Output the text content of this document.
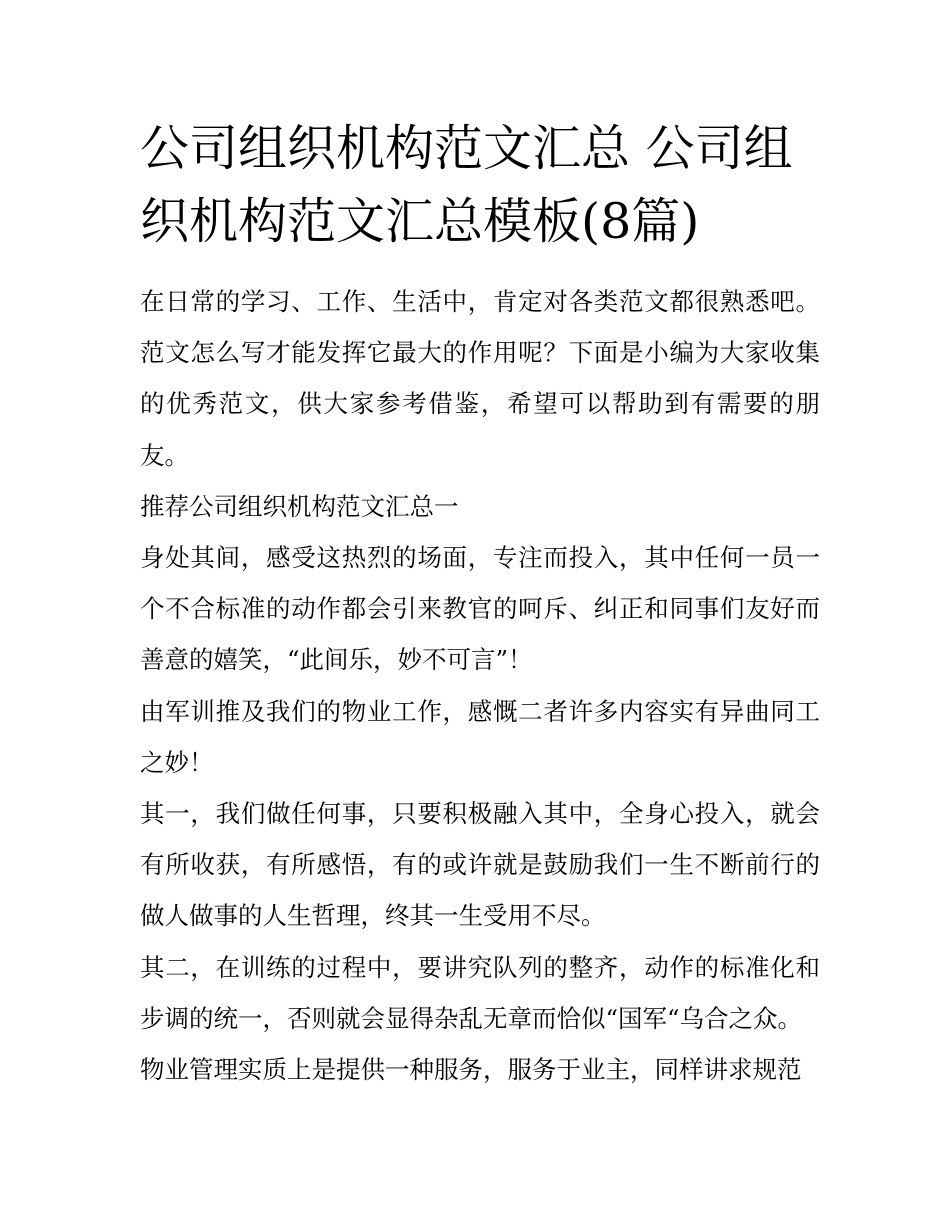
公司组织机构范文汇总 公司组织机构范文汇总模板(8篇)

在日常的学习、工作、生活中，肯定对各类范文都很熟悉吧。范文怎么写才能发挥它最大的作用呢？下面是小编为大家收集的优秀范文，供大家参考借鉴，希望可以帮助到有需要的朋友。

推荐公司组织机构范文汇总一

身处其间，感受这热烈的场面，专注而投入，其中任何一员一个不合标准的动作都会引来教官的呵斥、纠正和同事们友好而善意的嬉笑，“此间乐，妙不可言”！

由军训推及我们的物业工作，感慨二者许多内容实有异曲同工之妙！

其一，我们做任何事，只要积极融入其中，全身心投入，就会有所收获，有所感悟，有的或许就是鼓励我们一生不断前行的做人做事的人生哲理，终其一生受用不尽。

其二，在训练的过程中，要讲究队列的整齐，动作的标准化和步调的统一，否则就会显得杂乱无章而恰似“国军“乌合之众。

物业管理实质上是提供一种服务，服务于业主，同样讲求规范
